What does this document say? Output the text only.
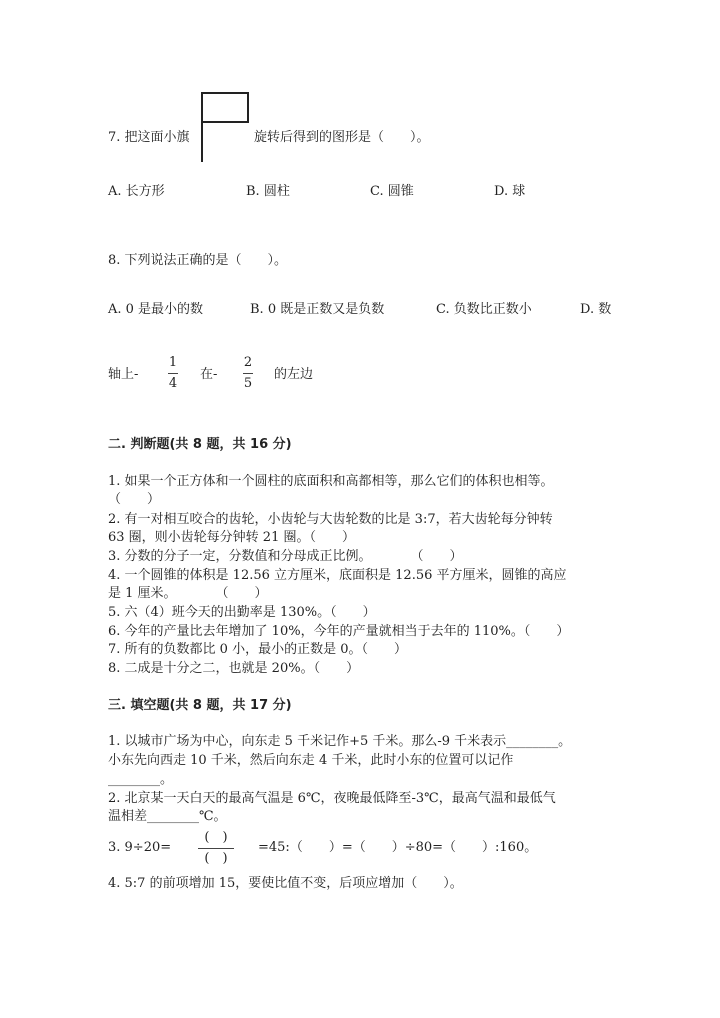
7. 把这面小旗	旋转后得到的图形是（　　）。
A. 长方形	B. 圆柱	C. 圆锥	D. 球
8. 下列说法正确的是（　　）。
A. 0 是最小的数	B. 0 既是正数又是负数	C. 负数比正数小	D. 数
轴上-
1
4
在-
2
5
的左边
二. 判断题(共 8 题，共 16 分)
1. 如果一个正方体和一个圆柱的底面积和高都相等，那么它们的体积也相等。
（　　）
2. 有一对相互咬合的齿轮，小齿轮与大齿轮数的比是 3:7，若大齿轮每分钟转
63 圈，则小齿轮每分钟转 21 圈。（　　）
3. 分数的分子一定，分数值和分母成正比例。　　　　（　　）
4. 一个圆锥的体积是 12.56 立方厘米，底面积是 12.56 平方厘米，圆锥的高应
是 1 厘米。　　　　（　　）
5. 六（4）班今天的出勤率是 130%。（　　）
6. 今年的产量比去年增加了 10%，今年的产量就相当于去年的 110%。（　　）
7. 所有的负数都比 0 小，最小的正数是 0。（　　）
8. 二成是十分之二，也就是 20%。（　　）
三. 填空题(共 8 题，共 17 分)
1. 以城市广场为中心，向东走 5 千米记作+5 千米。那么-9 千米表示________。
小东先向西走 10 千米，然后向东走 4 千米，此时小东的位置可以记作
________。
2. 北京某一天白天的最高气温是 6℃，夜晚最低降至-3℃，最高气温和最低气
温相差________℃。
3. 9÷20=
(　)
(　)
=45:（　　）=（　　）÷80=（　　）:160。
4. 5:7 的前项增加 15，要使比值不变，后项应增加（　　）。
